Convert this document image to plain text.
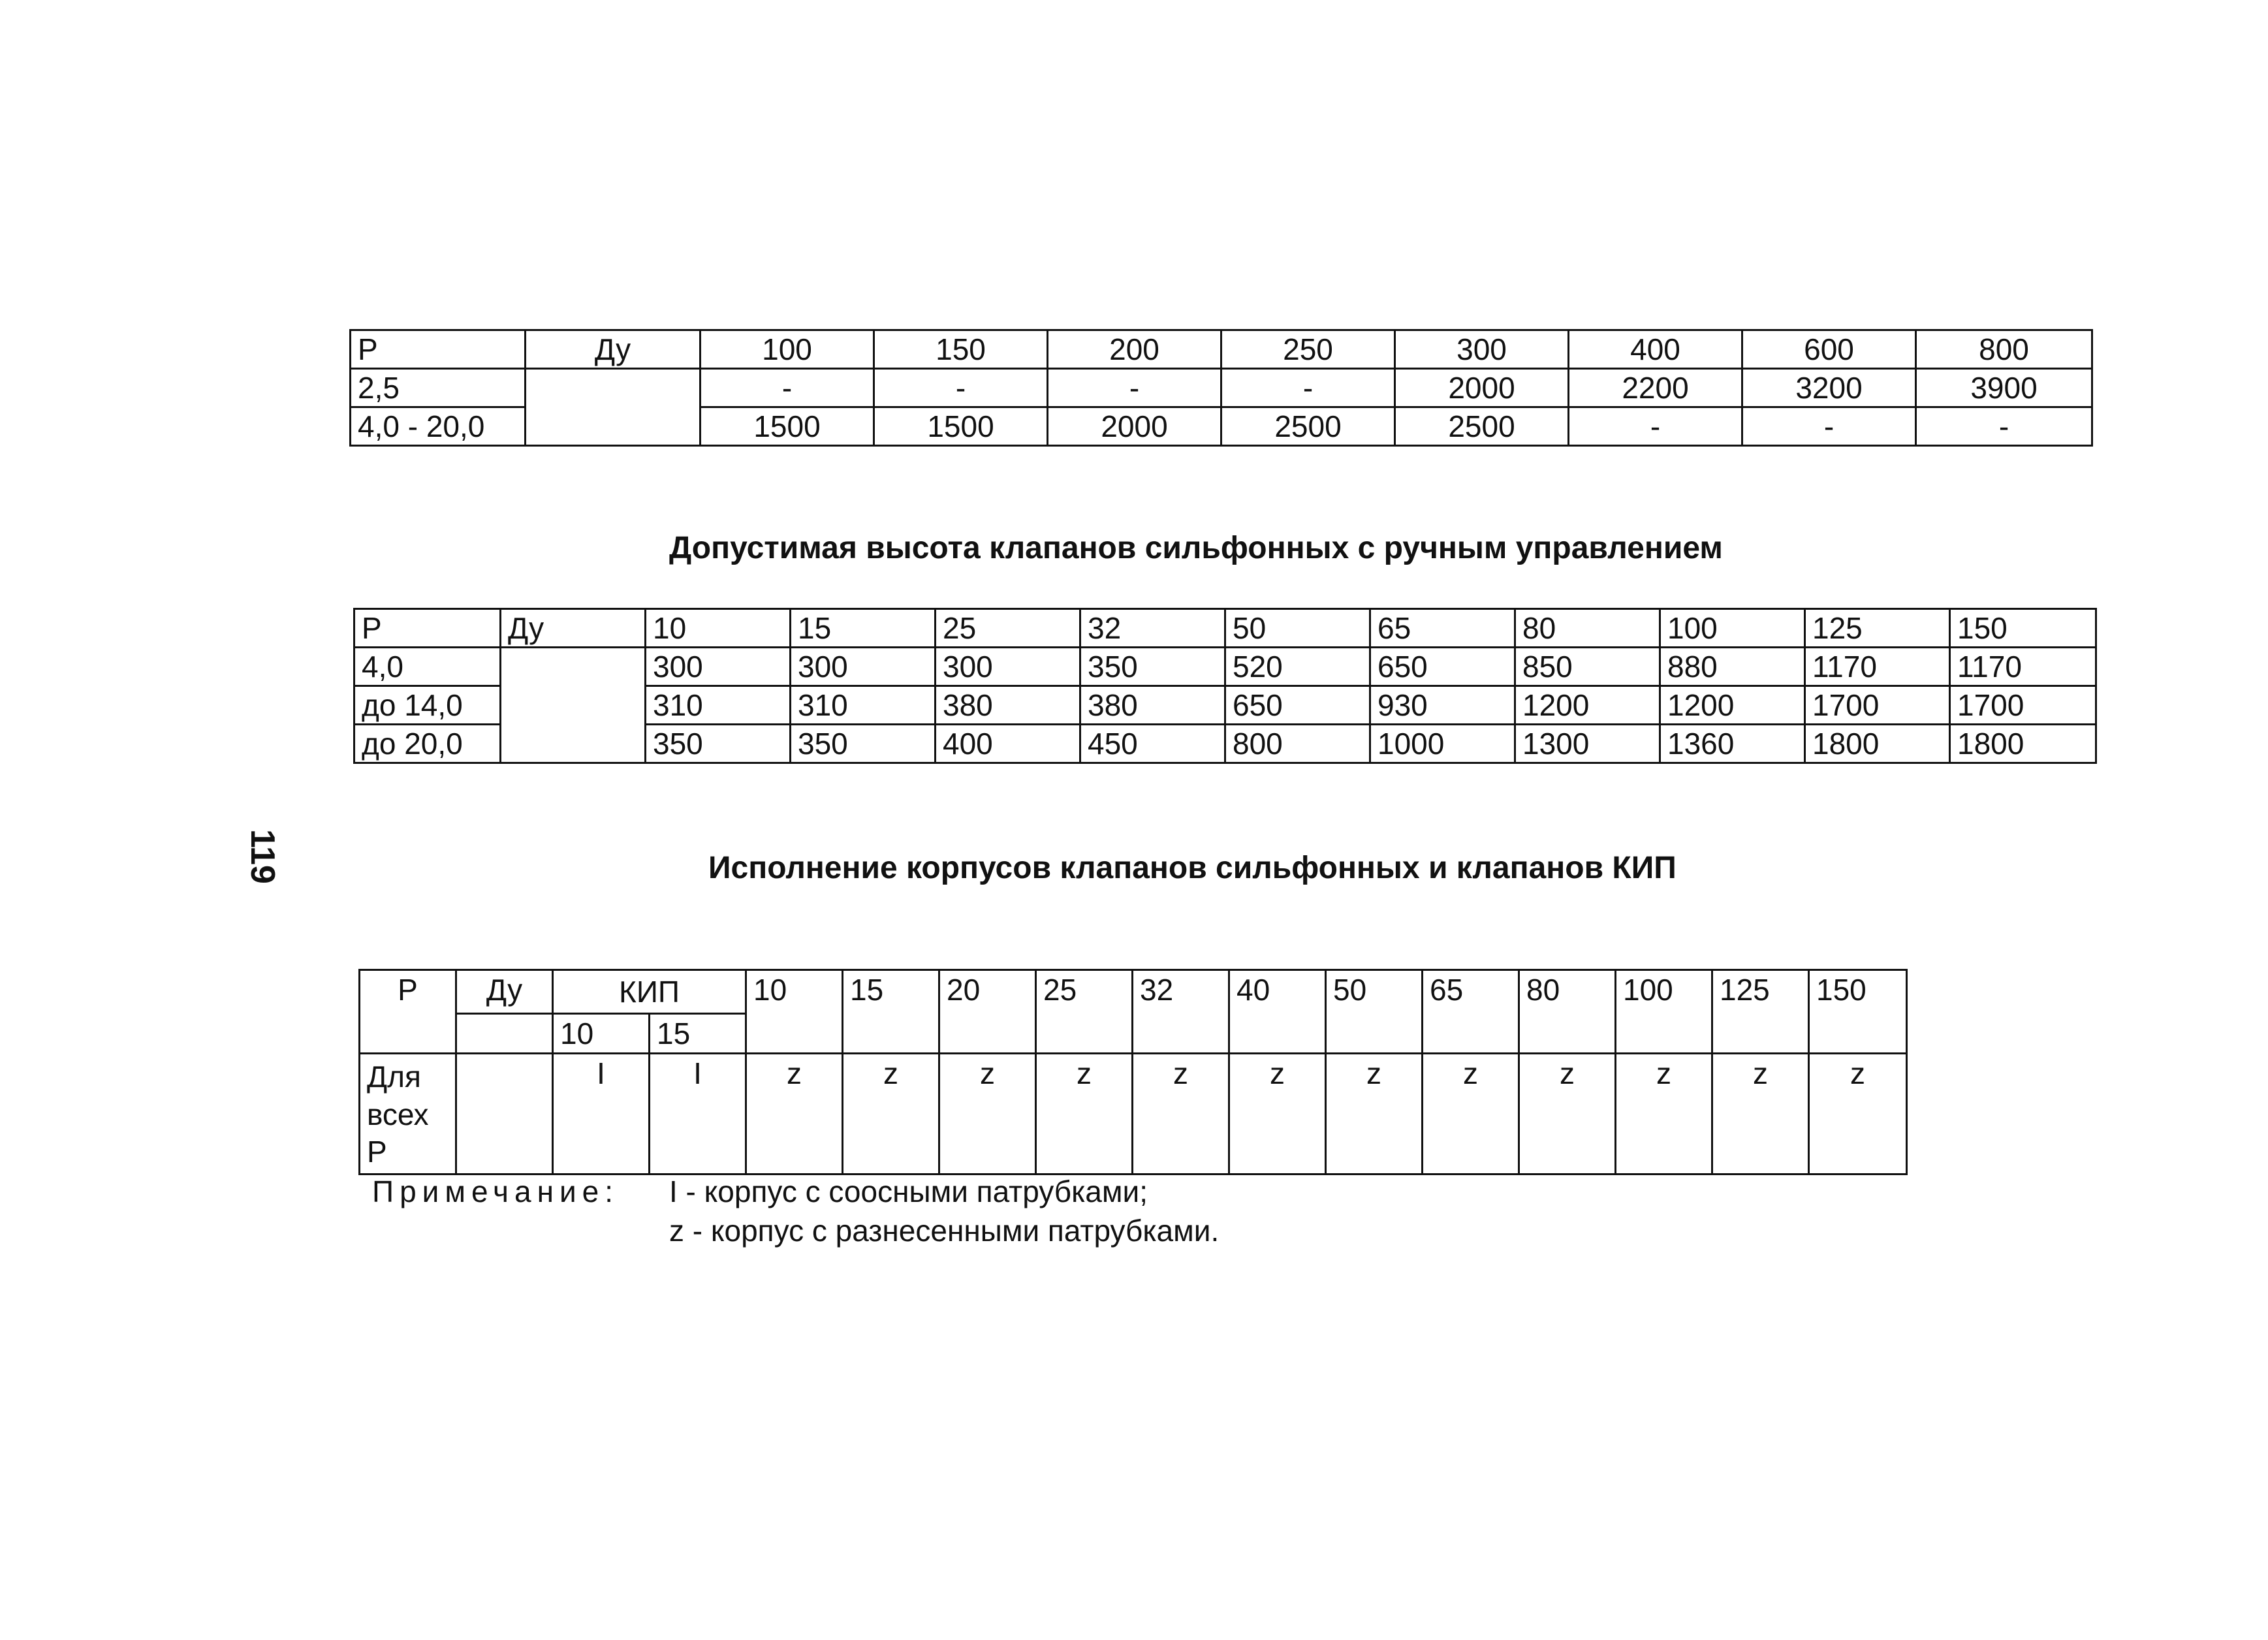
119
P	Ду	100	150	200	250	300	400	600	800
2,5		-	-	-	-	2000	2200	3200	3900
4,0 - 20,0		1500	1500	2000	2500	2500	-	-	-
Допустимая высота клапанов сильфонных с ручным управлением
P	Ду	10	15	25	32	50	65	80	100	125	150
4,0		300	300	300	350	520	650	850	880	1170	1170
до 14,0		310	310	380	380	650	930	1200	1200	1700	1700
до 20,0		350	350	400	450	800	1000	1300	1360	1800	1800
Исполнение корпусов клапанов сильфонных и клапанов КИП
P	Ду	КИП		10	15	20	25	32	40	50	65	80	100	125	150
		10	15												
Для всех P		I	I	z	z	z	z	z	z	z	z	z	z	z	z
Примечание: I - корпус с соосными патрубками;
z - корпус с разнесенными патрубками.
